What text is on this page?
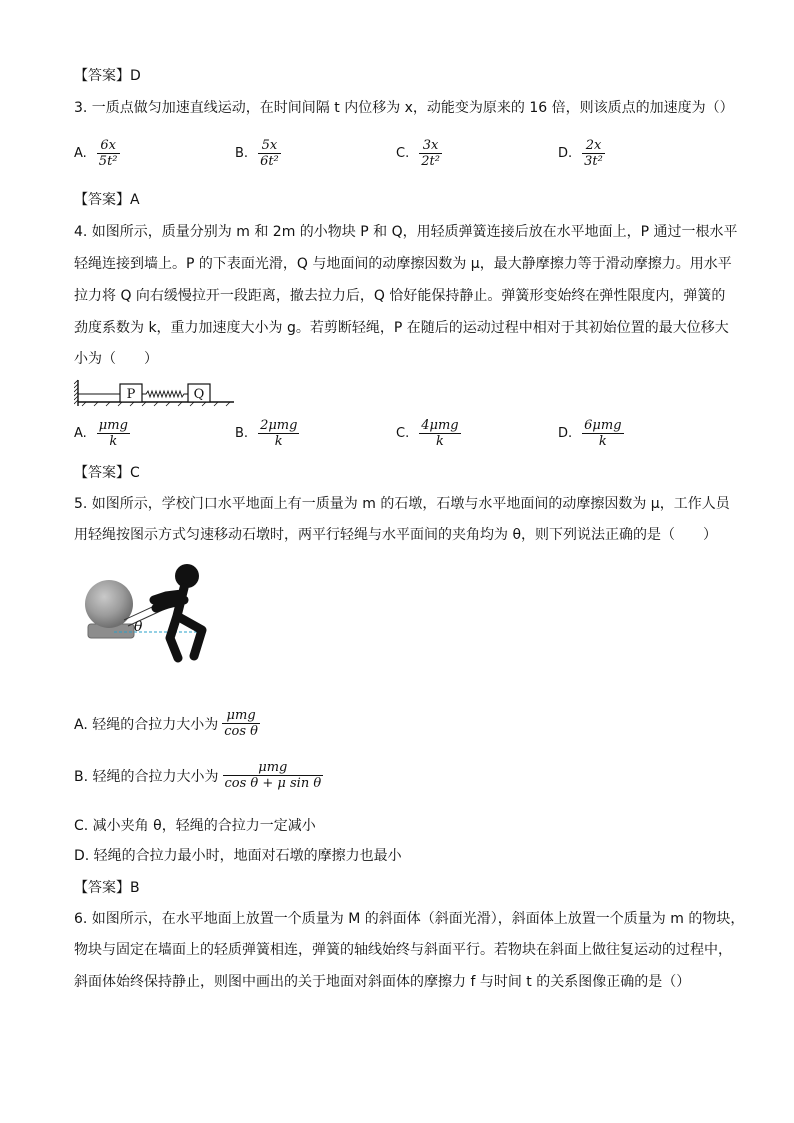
【答案】D
3. 一质点做匀加速直线运动，在时间间隔 t 内位移为 x，动能变为原来的 16 倍，则该质点的加速度为（）
A. $\frac{6x}{\text{5t²}}$	B. $\frac{5x}{\text{6t²}}$	C. $\frac{3x}{\text{2t²}}$	D. $\frac{2x}{\text{3t²}}$
【答案】A
4. 如图所示，质量分别为 m 和 2m 的小物块 P 和 Q，用轻质弹簧连接后放在水平地面上，P 通过一根水平
轻绳连接到墙上。P 的下表面光滑，Q 与地面间的动摩擦因数为 μ，最大静摩擦力等于滑动摩擦力。用水平
拉力将 Q 向右缓慢拉开一段距离，撤去拉力后，Q 恰好能保持静止。弹簧形变始终在弹性限度内，弹簧的
劲度系数为 k，重力加速度大小为 g。若剪断轻绳，P 在随后的运动过程中相对于其初始位置的最大位移大
小为（　　）
P	Q
A. $\frac{\text{μmg}}{k}$	B. $\frac{\text{2μmg}}{k}$	C. $\frac{\text{4μmg}}{k}$	D. $\frac{\text{6μmg}}{k}$
【答案】C
5. 如图所示，学校门口水平地面上有一质量为 m 的石墩，石墩与水平地面间的动摩擦因数为 μ，工作人员
用轻绳按图示方式匀速移动石墩时，两平行轻绳与水平面间的夹角均为 θ，则下列说法正确的是（　　）
θ
A. 轻绳的合拉力大小为 $\frac{\text{μmg}}{\text{cos θ}}$
B. 轻绳的合拉力大小为 $\frac{\text{μmg}}{\text{cos θ + μ sin θ}}$
C. 减小夹角 θ，轻绳的合拉力一定减小
D. 轻绳的合拉力最小时，地面对石墩的摩擦力也最小
【答案】B
6. 如图所示，在水平地面上放置一个质量为 M 的斜面体（斜面光滑），斜面体上放置一个质量为 m 的物块，
物块与固定在墙面上的轻质弹簧相连，弹簧的轴线始终与斜面平行。若物块在斜面上做往复运动的过程中，
斜面体始终保持静止，则图中画出的关于地面对斜面体的摩擦力 f 与时间 t 的关系图像正确的是（）
